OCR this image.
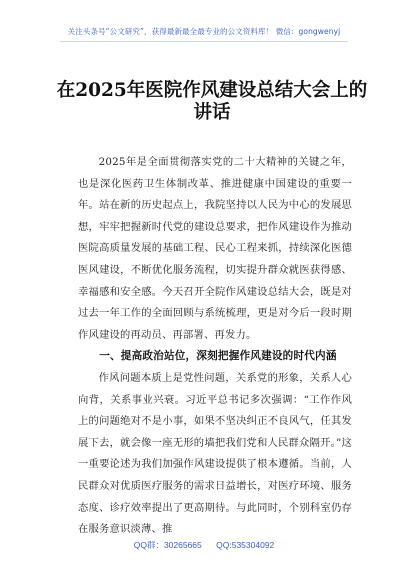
关注头条号“公文研究”，获得最新最全最专业的公文资料库！ 微信：gongwenyj
在2025年医院作风建设总结大会上的讲话

2025年是全面贯彻落实党的二十大精神的关键之年，也是深化医药卫生体制改革、推进健康中国建设的重要一年。站在新的历史起点上，我院坚持以人民为中心的发展思想，牢牢把握新时代党的建设总要求，把作风建设作为推动医院高质量发展的基础工程、民心工程来抓，持续深化医德医风建设，不断优化服务流程，切实提升群众就医获得感、幸福感和安全感。今天召开全院作风建设总结大会，既是对过去一年工作的全面回顾与系统梳理，更是对今后一段时期作风建设的再动员、再部署、再发力。

一、提高政治站位，深刻把握作风建设的时代内涵

作风问题本质上是党性问题，关系党的形象，关系人心向背，关系事业兴衰。习近平总书记多次强调：“工作作风上的问题绝对不是小事，如果不坚决纠正不良风气，任其发展下去，就会像一座无形的墙把我们党和人民群众隔开。”这一重要论述为我们加强作风建设提供了根本遵循。当前，人民群众对优质医疗服务的需求日益增长，对医疗环境、服务态度、诊疗效率提出了更高期待。与此同时，个别科室仍存在服务意识淡薄、推

QQ群：30265665 QQ:535304092
